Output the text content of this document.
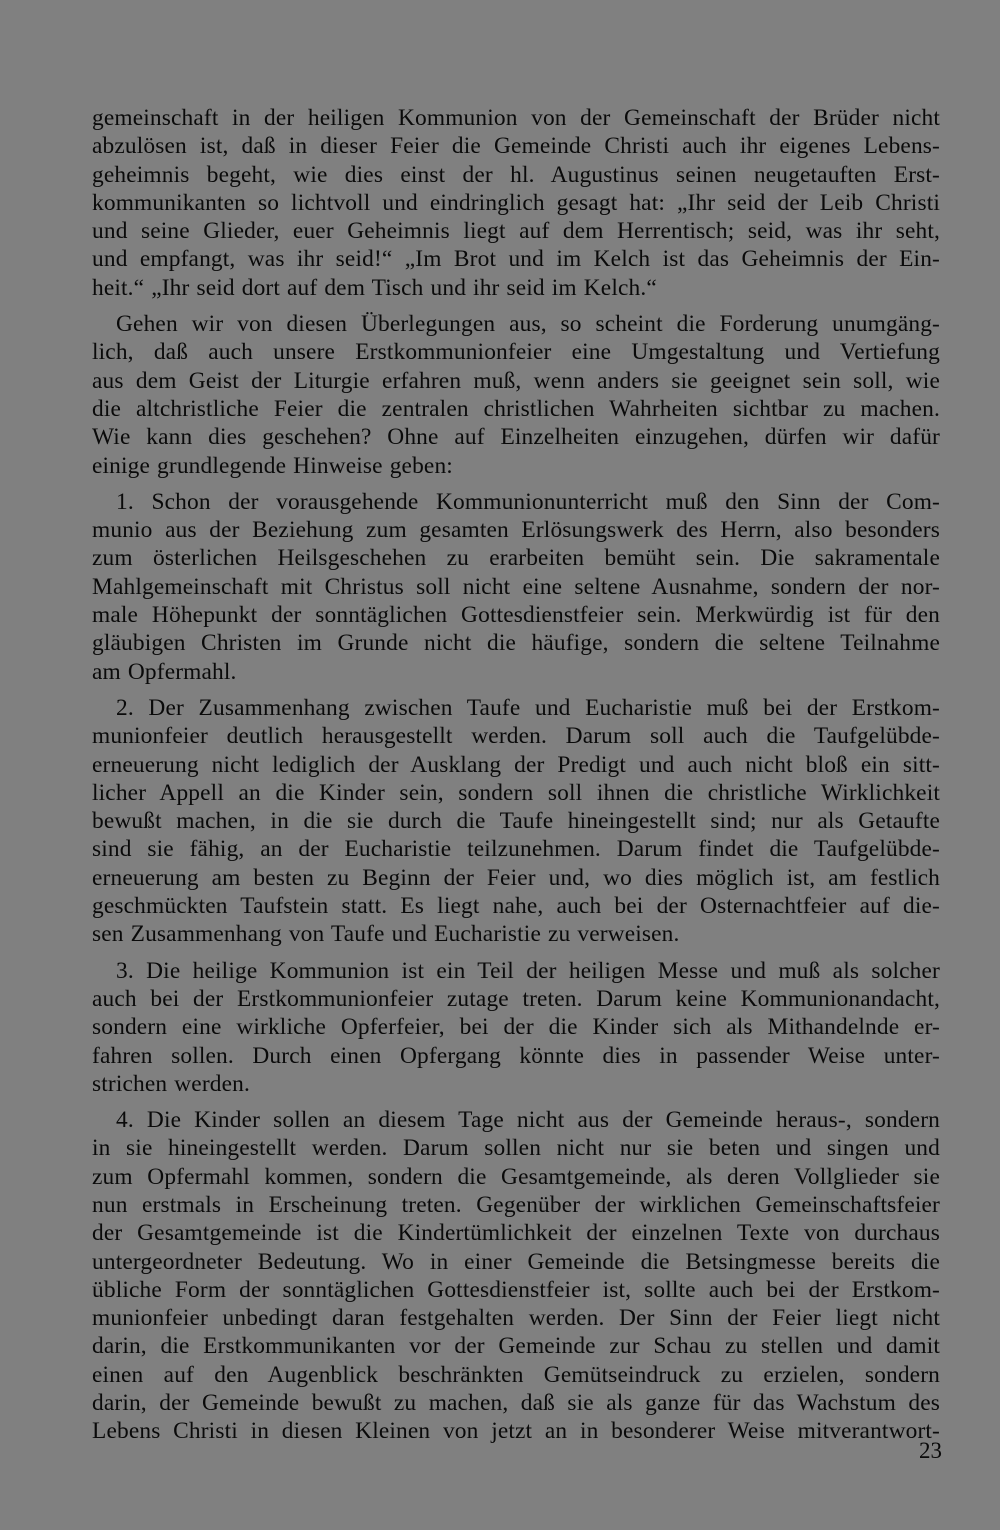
gemeinschaft in der heiligen Kommunion von der Gemeinschaft der Brüder nicht
abzulösen ist, daß in dieser Feier die Gemeinde Christi auch ihr eigenes Lebens-
geheimnis begeht, wie dies einst der hl. Augustinus seinen neugetauften Erst-
kommunikanten so lichtvoll und eindringlich gesagt hat: „Ihr seid der Leib Christi
und seine Glieder, euer Geheimnis liegt auf dem Herrentisch; seid, was ihr seht,
und empfangt, was ihr seid!“ „Im Brot und im Kelch ist das Geheimnis der Ein-
heit.“ „Ihr seid dort auf dem Tisch und ihr seid im Kelch.“
Gehen wir von diesen Überlegungen aus, so scheint die Forderung unumgäng-
lich, daß auch unsere Erstkommunionfeier eine Umgestaltung und Vertiefung
aus dem Geist der Liturgie erfahren muß, wenn anders sie geeignet sein soll, wie
die altchristliche Feier die zentralen christlichen Wahrheiten sichtbar zu machen.
Wie kann dies geschehen? Ohne auf Einzelheiten einzugehen, dürfen wir dafür
einige grundlegende Hinweise geben:
1. Schon der vorausgehende Kommunionunterricht muß den Sinn der Com-
munio aus der Beziehung zum gesamten Erlösungswerk des Herrn, also besonders
zum österlichen Heilsgeschehen zu erarbeiten bemüht sein. Die sakramentale
Mahlgemeinschaft mit Christus soll nicht eine seltene Ausnahme, sondern der nor-
male Höhepunkt der sonntäglichen Gottesdienstfeier sein. Merkwürdig ist für den
gläubigen Christen im Grunde nicht die häufige, sondern die seltene Teilnahme
am Opfermahl.
2. Der Zusammenhang zwischen Taufe und Eucharistie muß bei der Erstkom-
munionfeier deutlich herausgestellt werden. Darum soll auch die Taufgelübde-
erneuerung nicht lediglich der Ausklang der Predigt und auch nicht bloß ein sitt-
licher Appell an die Kinder sein, sondern soll ihnen die christliche Wirklichkeit
bewußt machen, in die sie durch die Taufe hineingestellt sind; nur als Getaufte
sind sie fähig, an der Eucharistie teilzunehmen. Darum findet die Taufgelübde-
erneuerung am besten zu Beginn der Feier und, wo dies möglich ist, am festlich
geschmückten Taufstein statt. Es liegt nahe, auch bei der Osternachtfeier auf die-
sen Zusammenhang von Taufe und Eucharistie zu verweisen.
3. Die heilige Kommunion ist ein Teil der heiligen Messe und muß als solcher
auch bei der Erstkommunionfeier zutage treten. Darum keine Kommunionandacht,
sondern eine wirkliche Opferfeier, bei der die Kinder sich als Mithandelnde er-
fahren sollen. Durch einen Opfergang könnte dies in passender Weise unter-
strichen werden.
4. Die Kinder sollen an diesem Tage nicht aus der Gemeinde heraus-, sondern
in sie hineingestellt werden. Darum sollen nicht nur sie beten und singen und
zum Opfermahl kommen, sondern die Gesamtgemeinde, als deren Vollglieder sie
nun erstmals in Erscheinung treten. Gegenüber der wirklichen Gemeinschaftsfeier
der Gesamtgemeinde ist die Kindertümlichkeit der einzelnen Texte von durchaus
untergeordneter Bedeutung. Wo in einer Gemeinde die Betsingmesse bereits die
übliche Form der sonntäglichen Gottesdienstfeier ist, sollte auch bei der Erstkom-
munionfeier unbedingt daran festgehalten werden. Der Sinn der Feier liegt nicht
darin, die Erstkommunikanten vor der Gemeinde zur Schau zu stellen und damit
einen auf den Augenblick beschränkten Gemütseindruck zu erzielen, sondern
darin, der Gemeinde bewußt zu machen, daß sie als ganze für das Wachstum des
Lebens Christi in diesen Kleinen von jetzt an in besonderer Weise mitverantwort-
23
